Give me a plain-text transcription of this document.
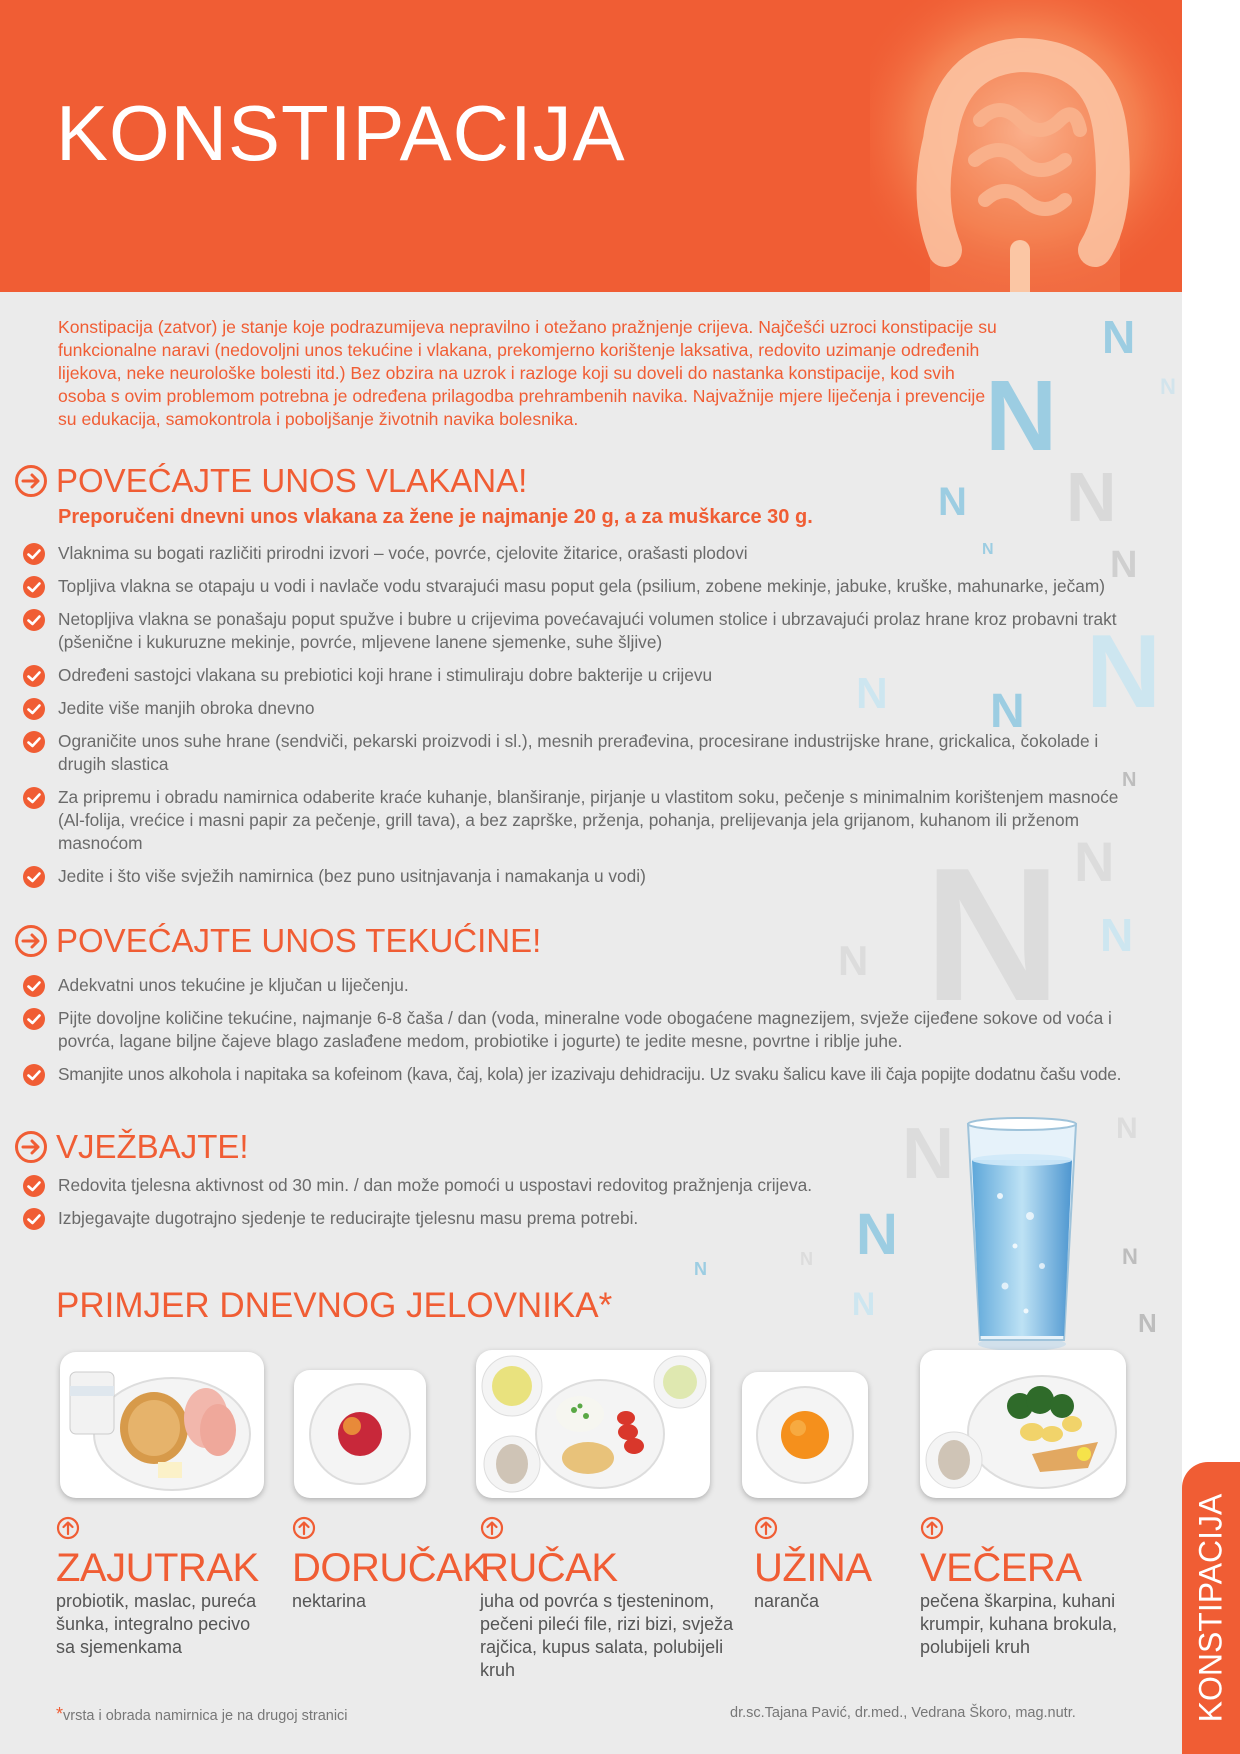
KONSTIPACIJA
N
N
N
N
N
N	N
N
N N
N
N N
N
N
N	N
N
N	N
N
N
N
Konstipacija (zatvor) je stanje koje podrazumijeva nepravilno i otežano pražnjenje crijeva. Najčešći uzroci konstipacije su funkcionalne naravi (nedovoljni unos tekućine i vlakana, prekomjerno korištenje laksativa, redovito uzimanje određenih lijekova, neke neurološke bolesti itd.) Bez obzira na uzrok i razloge koji su doveli do nastanka konstipacije, kod svih osoba s ovim problemom potrebna je određena prilagodba prehrambenih navika. Najvažnije mjere liječenja i prevencije su edukacija, samokontrola i poboljšanje životnih navika bolesnika.
POVEĆAJTE UNOS VLAKANA!
Preporučeni dnevni unos vlakana za žene je najmanje 20 g, a za muškarce 30 g.
Vlaknima su bogati različiti prirodni izvori – voće, povrće, cjelovite žitarice, orašasti plodovi
Topljiva vlakna se otapaju u vodi i navlače vodu stvarajući masu poput gela (psilium, zobene mekinje, jabuke, kruške, mahunarke, ječam)
Netopljiva vlakna se ponašaju poput spužve i bubre u crijevima povećavajući volumen stolice i ubrzavajući prolaz hrane kroz probavni trakt (pšenične i kukuruzne mekinje, povrće, mljevene lanene sjemenke, suhe šljive)
Određeni sastojci vlakana su prebiotici koji hrane i stimuliraju dobre bakterije u crijevu
Jedite više manjih obroka dnevno
Ograničite unos suhe hrane (sendviči, pekarski proizvodi i sl.), mesnih prerađevina, procesirane industrijske hrane, grickalica, čokolade i drugih slastica
Za pripremu i obradu namirnica odaberite kraće kuhanje, blanširanje, pirjanje u vlastitom soku, pečenje s minimalnim korištenjem masnoće (Al-folija, vrećice i masni papir za pečenje, grill tava), a bez zaprške, prženja, pohanja, prelijevanja jela grijanom, kuhanom ili prženom masnoćom
Jedite i što više svježih namirnica (bez puno usitnjavanja i namakanja u vodi)
POVEĆAJTE UNOS TEKUĆINE!
Adekvatni unos tekućine je ključan u liječenju.
Pijte dovoljne količine tekućine, najmanje 6-8 čaša / dan (voda, mineralne vode obogaćene magnezijem, svježe cijeđene sokove od voća i povrća, lagane biljne čajeve blago zaslađene medom, probiotike i jogurte) te jedite mesne, povrtne i riblje juhe.
Smanjite unos alkohola i napitaka sa kofeinom (kava, čaj, kola) jer izazivaju dehidraciju. Uz svaku šalicu kave ili čaja popijte dodatnu čašu vode.
VJEŽBAJTE!
Redovita tjelesna aktivnost od 30 min. / dan može pomoći u uspostavi redovitog pražnjenja crijeva.
Izbjegavajte dugotrajno sjedenje te reducirajte tjelesnu masu prema potrebi.
PRIMJER DNEVNOG JELOVNIKA*
ZAJUTRAK
probiotik, maslac, pureća šunka, integralno pecivo sa sjemenkama
DORUČAK
nektarina
RUČAK
juha od povrća s tjesteninom, pečeni pileći file, rizi bizi, svježa rajčica, kupus salata, polubijeli kruh
UŽINA
naranča
VEČERA
pečena škarpina, kuhani krumpir, kuhana brokula, polubijeli kruh
*vrsta i obrada namirnica je na drugoj stranici	dr.sc.Tajana Pavić, dr.med., Vedrana Škoro, mag.nutr.	KONSTIPACIJA
